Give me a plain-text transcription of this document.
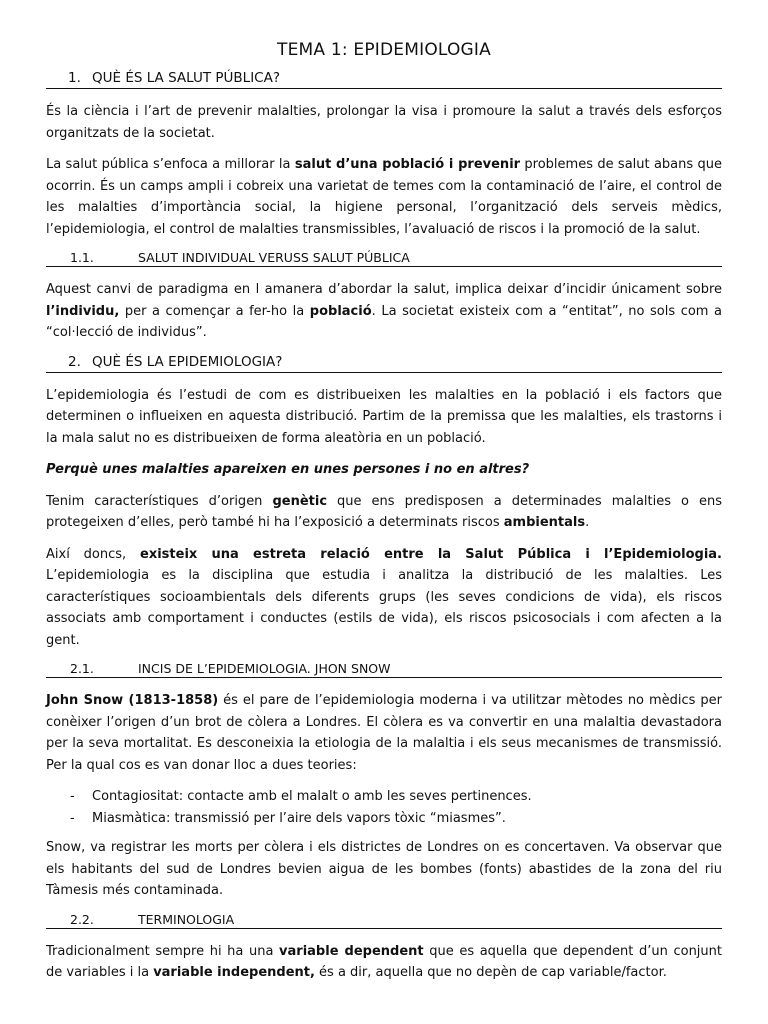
TEMA 1: EPIDEMIOLOGIA
1. QUÈ ÉS LA SALUT PÚBLICA?

És la ciència i l’art de prevenir malalties, prolongar la visa i promoure la salut a través dels esforços organitzats de la societat.

La salut pública s’enfoca a millorar la salut d’una població i prevenir problemes de salut abans que ocorrin. És un camps ampli i cobreix una varietat de temes com la contaminació de l’aire, el control de les malalties d’importància social, la higiene personal, l’organització dels serveis mèdics, l’epidemiologia, el control de malalties transmissibles, l’avaluació de riscos i la promoció de la salut.

1.1.	SALUT INDIVIDUAL VERUSS SALUT PÚBLICA

Aquest canvi de paradigma en l amanera d’abordar la salut, implica deixar d’incidir únicament sobre l’individu, per a començar a fer-ho la població. La societat existeix com a “entitat”, no sols com a “col·lecció de individus”.

2. QUÈ ÉS LA EPIDEMIOLOGIA?

L’epidemiologia és l’estudi de com es distribueixen les malalties en la població i els factors que determinen o influeixen en aquesta distribució. Partim de la premissa que les malalties, els trastorns i la mala salut no es distribueixen de forma aleatòria en un població.

Perquè unes malalties apareixen en unes persones i no en altres?

Tenim característiques d’origen genètic que ens predisposen a determinades malalties o ens protegeixen d’elles, però també hi ha l’exposició a determinats riscos ambientals.

Així doncs, existeix una estreta relació entre la Salut Pública i l’Epidemiologia. L’epidemiologia es la disciplina que estudia i analitza la distribució de les malalties. Les característiques socioambientals dels diferents grups (les seves condicions de vida), els riscos associats amb comportament i conductes (estils de vida), els riscos psicosocials i com afecten a la gent.

2.1.	INCIS DE L’EPIDEMIOLOGIA. JHON SNOW

John Snow (1813-1858) és el pare de l’epidemiologia moderna i va utilitzar mètodes no mèdics per conèixer l’origen d’un brot de còlera a Londres. El còlera es va convertir en una malaltia devastadora per la seva mortalitat. Es desconeixia la etiologia de la malaltia i els seus mecanismes de transmissió. Per la qual cos es van donar lloc a dues teories:

- Contagiositat: contacte amb el malalt o amb les seves pertinences.
- Miasmàtica: transmissió per l’aire dels vapors tòxic “miasmes”.

Snow, va registrar les morts per còlera i els districtes de Londres on es concertaven. Va observar que els habitants del sud de Londres bevien aigua de les bombes (fonts) abastides de la zona del riu Tàmesis més contaminada.

2.2.	TERMINOLOGIA

Tradicionalment sempre hi ha una variable dependent que es aquella que dependent d’un conjunt de variables i la variable independent, és a dir, aquella que no depèn de cap variable/factor.
